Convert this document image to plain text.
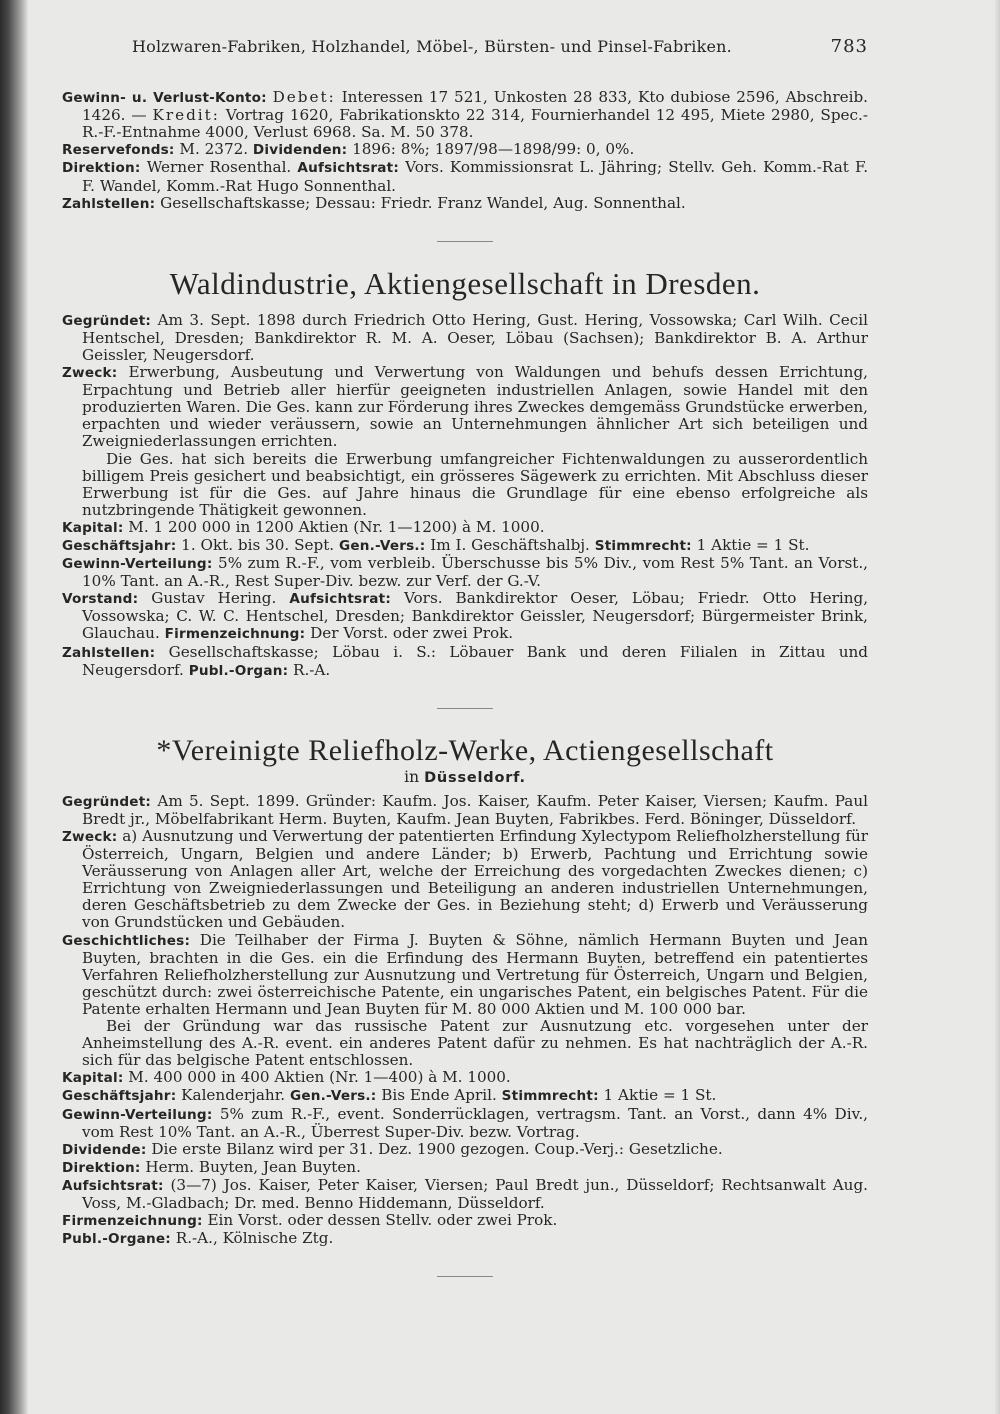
Holzwaren-Fabriken, Holzhandel, Möbel-, Bürsten- und Pinsel-Fabriken.	783

Gewinn- u. Verlust-Konto: Debet: Interessen 17 521, Unkosten 28 833, Kto dubiose 2596, Abschreib. 1426. — Kredit: Vortrag 1620, Fabrikationskto 22 314, Fournierhandel 12 495, Miete 2980, Spec.-R.-F.-Entnahme 4000, Verlust 6968. Sa. M. 50 378.

Reservefonds: M. 2372. Dividenden: 1896: 8%; 1897/98—1898/99: 0, 0%.

Direktion: Werner Rosenthal. Aufsichtsrat: Vors. Kommissionsrat L. Jähring; Stellv. Geh. Komm.-Rat F. F. Wandel, Komm.-Rat Hugo Sonnenthal.

Zahlstellen: Gesellschaftskasse; Dessau: Friedr. Franz Wandel, Aug. Sonnenthal.

Waldindustrie, Aktiengesellschaft in Dresden.

Gegründet: Am 3. Sept. 1898 durch Friedrich Otto Hering, Gust. Hering, Vossowska; Carl Wilh. Cecil Hentschel, Dresden; Bankdirektor R. M. A. Oeser, Löbau (Sachsen); Bankdirektor B. A. Arthur Geissler, Neugersdorf.

Zweck: Erwerbung, Ausbeutung und Verwertung von Waldungen und behufs dessen Errichtung, Erpachtung und Betrieb aller hierfür geeigneten industriellen Anlagen, sowie Handel mit den produzierten Waren. Die Ges. kann zur Förderung ihres Zweckes demgemäss Grundstücke erwerben, erpachten und wieder veräussern, sowie an Unternehmungen ähnlicher Art sich beteiligen und Zweigniederlassungen errichten.

Die Ges. hat sich bereits die Erwerbung umfangreicher Fichtenwaldungen zu ausserordentlich billigem Preis gesichert und beabsichtigt, ein grösseres Sägewerk zu errichten. Mit Abschluss dieser Erwerbung ist für die Ges. auf Jahre hinaus die Grundlage für eine ebenso erfolgreiche als nutzbringende Thätigkeit gewonnen.

Kapital: M. 1 200 000 in 1200 Aktien (Nr. 1—1200) à M. 1000.

Geschäftsjahr: 1. Okt. bis 30. Sept. Gen.-Vers.: Im I. Geschäftshalbj. Stimmrecht: 1 Aktie = 1 St.

Gewinn-Verteilung: 5% zum R.-F., vom verbleib. Überschusse bis 5% Div., vom Rest 5% Tant. an Vorst., 10% Tant. an A.-R., Rest Super-Div. bezw. zur Verf. der G.-V.

Vorstand: Gustav Hering. Aufsichtsrat: Vors. Bankdirektor Oeser, Löbau; Friedr. Otto Hering, Vossowska; C. W. C. Hentschel, Dresden; Bankdirektor Geissler, Neugersdorf; Bürgermeister Brink, Glauchau. Firmenzeichnung: Der Vorst. oder zwei Prok.

Zahlstellen: Gesellschaftskasse; Löbau i. S.: Löbauer Bank und deren Filialen in Zittau und Neugersdorf. Publ.-Organ: R.-A.

*Vereinigte Reliefholz-Werke, Actiengesellschaft
in Düsseldorf.

Gegründet: Am 5. Sept. 1899. Gründer: Kaufm. Jos. Kaiser, Kaufm. Peter Kaiser, Viersen; Kaufm. Paul Bredt jr., Möbelfabrikant Herm. Buyten, Kaufm. Jean Buyten, Fabrikbes. Ferd. Böninger, Düsseldorf.

Zweck: a) Ausnutzung und Verwertung der patentierten Erfindung Xylectypom Reliefholzherstellung für Österreich, Ungarn, Belgien und andere Länder; b) Erwerb, Pachtung und Errichtung sowie Veräusserung von Anlagen aller Art, welche der Erreichung des vorgedachten Zweckes dienen; c) Errichtung von Zweigniederlassungen und Beteiligung an anderen industriellen Unternehmungen, deren Geschäftsbetrieb zu dem Zwecke der Ges. in Beziehung steht; d) Erwerb und Veräusserung von Grundstücken und Gebäuden.

Geschichtliches: Die Teilhaber der Firma J. Buyten & Söhne, nämlich Hermann Buyten und Jean Buyten, brachten in die Ges. ein die Erfindung des Hermann Buyten, betreffend ein patentiertes Verfahren Reliefholzherstellung zur Ausnutzung und Vertretung für Österreich, Ungarn und Belgien, geschützt durch: zwei österreichische Patente, ein ungarisches Patent, ein belgisches Patent. Für die Patente erhalten Hermann und Jean Buyten für M. 80 000 Aktien und M. 100 000 bar.

Bei der Gründung war das russische Patent zur Ausnutzung etc. vorgesehen unter der Anheimstellung des A.-R. event. ein anderes Patent dafür zu nehmen. Es hat nachträglich der A.-R. sich für das belgische Patent entschlossen.

Kapital: M. 400 000 in 400 Aktien (Nr. 1—400) à M. 1000.

Geschäftsjahr: Kalenderjahr. Gen.-Vers.: Bis Ende April. Stimmrecht: 1 Aktie = 1 St.

Gewinn-Verteilung: 5% zum R.-F., event. Sonderrücklagen, vertragsm. Tant. an Vorst., dann 4% Div., vom Rest 10% Tant. an A.-R., Überrest Super-Div. bezw. Vortrag.

Dividende: Die erste Bilanz wird per 31. Dez. 1900 gezogen. Coup.-Verj.: Gesetzliche.

Direktion: Herm. Buyten, Jean Buyten.

Aufsichtsrat: (3—7) Jos. Kaiser, Peter Kaiser, Viersen; Paul Bredt jun., Düsseldorf; Rechtsanwalt Aug. Voss, M.-Gladbach; Dr. med. Benno Hiddemann, Düsseldorf.

Firmenzeichnung: Ein Vorst. oder dessen Stellv. oder zwei Prok.

Publ.-Organe: R.-A., Kölnische Ztg.
